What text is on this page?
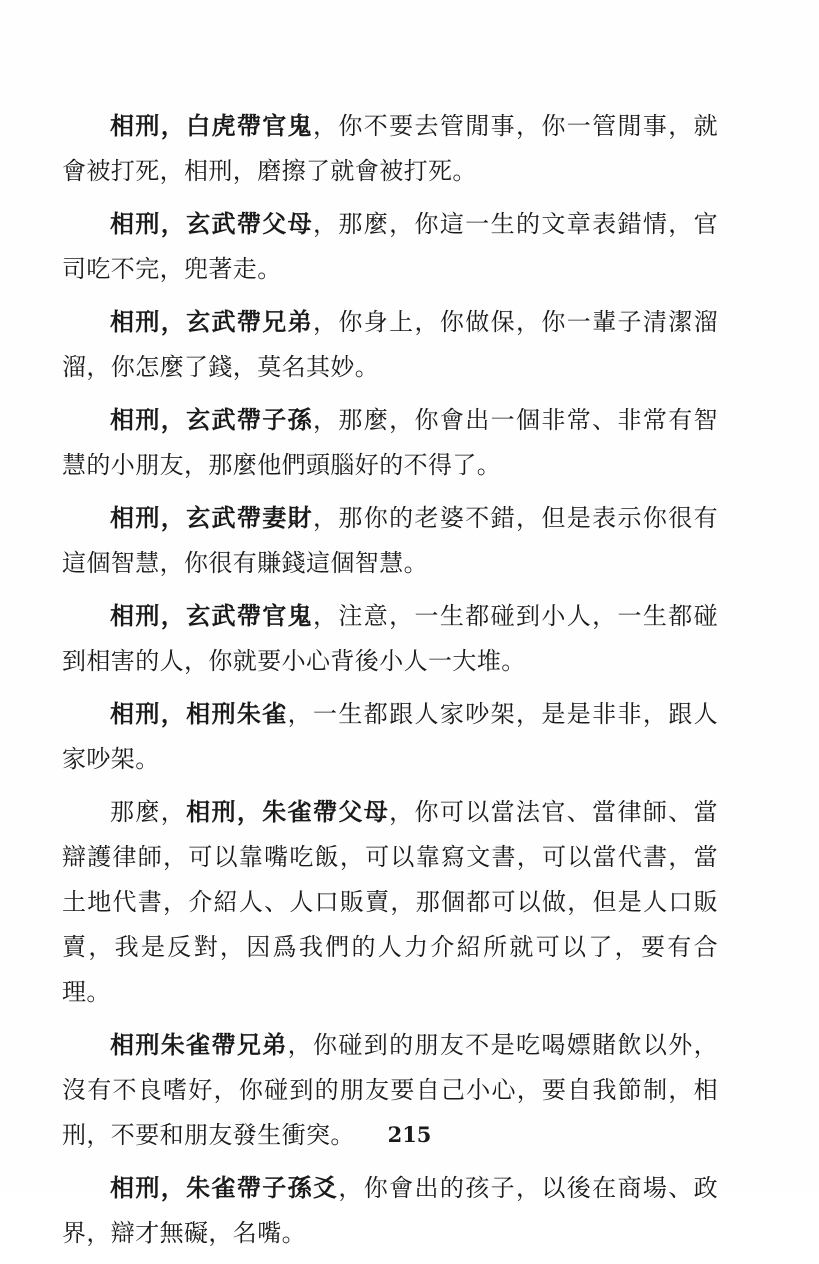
相刑，白虎帶官鬼，你不要去管閒事，你一管閒事，就會被打死，相刑，磨擦了就會被打死。

相刑，玄武帶父母，那麼，你這一生的文章表錯情，官司吃不完，兜著走。

相刑，玄武帶兄弟，你身上，你做保，你一輩子清潔溜溜，你怎麼了錢，莫名其妙。

相刑，玄武帶子孫，那麼，你會出一個非常、非常有智慧的小朋友，那麼他們頭腦好的不得了。

相刑，玄武帶妻財，那你的老婆不錯，但是表示你很有這個智慧，你很有賺錢這個智慧。

相刑，玄武帶官鬼，注意，一生都碰到小人，一生都碰到相害的人，你就要小心背後小人一大堆。

相刑，相刑朱雀，一生都跟人家吵架，是是非非，跟人家吵架。

那麼，相刑，朱雀帶父母，你可以當法官、當律師、當辯護律師，可以靠嘴吃飯，可以靠寫文書，可以當代書，當土地代書，介紹人、人口販賣，那個都可以做，但是人口販賣，我是反對，因爲我們的人力介紹所就可以了，要有合理。

相刑朱雀帶兄弟，你碰到的朋友不是吃喝嫖賭飲以外，沒有不良嗜好，你碰到的朋友要自己小心，要自我節制，相刑，不要和朋友發生衝突。

相刑，朱雀帶子孫爻，你會出的孩子，以後在商場、政界，辯才無礙，名嘴。

215
